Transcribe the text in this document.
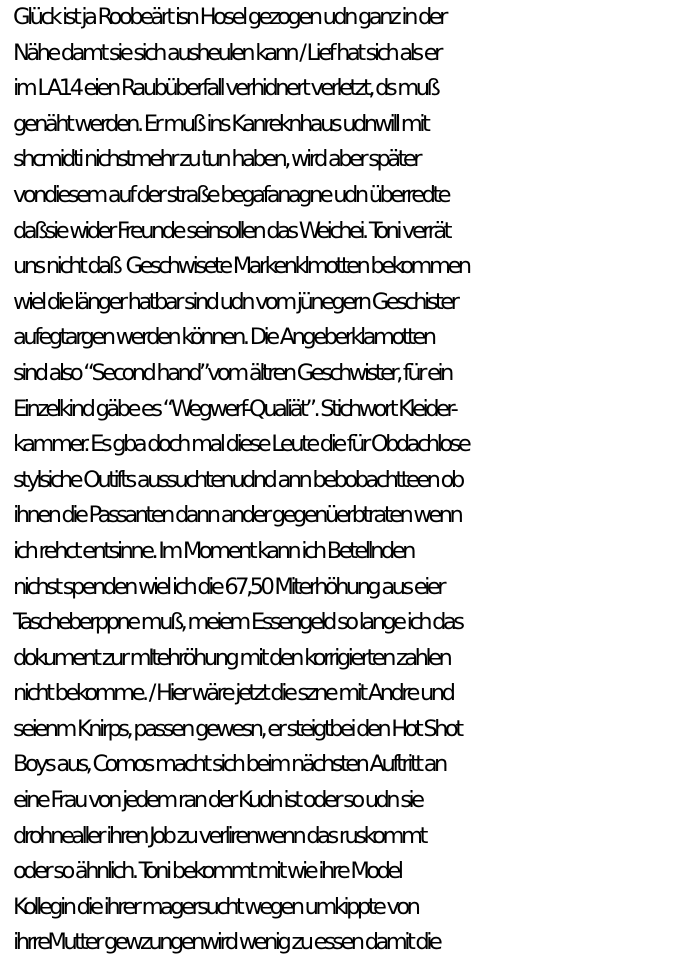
Glück ist ja Roobeärt isn Hosel gezogen udn ganz in der
Nähe damt sie sich ausheulen kann / Lief hat sich als er
im LA14 eien Raubüberfall verhidnert verletzt, ds muß
genäht werden. Er muß ins Kanreknhaus udnwill mit
shcmidti nichstmehr zu tun haben, wird aber später
vondiesem auf der straße begafanagne udn überredte
daßsie wider Freunde seinsollen das Weichei. Toni verrät
uns nicht daß  Geschwisete Markenklmotten bekommen
wiel die länger hatbar sind udn vom jünegern Geschister
aufegtargen werden können. Die Angeberklamotten
sind also “Second hand”vom ältren Geschwister, für ein
Einzelkind gäbe es “Wegwerf-Qualiät”. Stichwort Kleider-
kammer. Es gba doch mal diese Leute die für Obdachlose
stylsiche Outifts aussuchtenudnd ann bebobachtteen ob
ihnen die Passanten dann ander gegenüerbtraten wenn
ich rehct entsinne. Im Moment kann ich Betellnden
nichst spenden wiel ich die 67,50 Miterhöhung aus eier
Tascheberppne muß, meiem Essengeld so lange ich das
dokument zur mItehröhung mit den korrigierten zahlen
nicht bekomme. / Hier wäre jetzt die szne mit Andre und
seienm Knirps, passen gewesn, er steigtbei den Hot Shot
Boys aus, Comos macht sich beim nächsten Auftritt an
eine Frau von jedem ran der Kudn ist oder so udn sie
drohnealler ihren Job zu verlirenwenn das ruskommt
oder so ähnlich. Toni bekommt mit wie ihre Model
Kollegin die ihrer magersucht wegen umkippte von
ihrreMutter gewzungenwird wenig zu essen damit die
